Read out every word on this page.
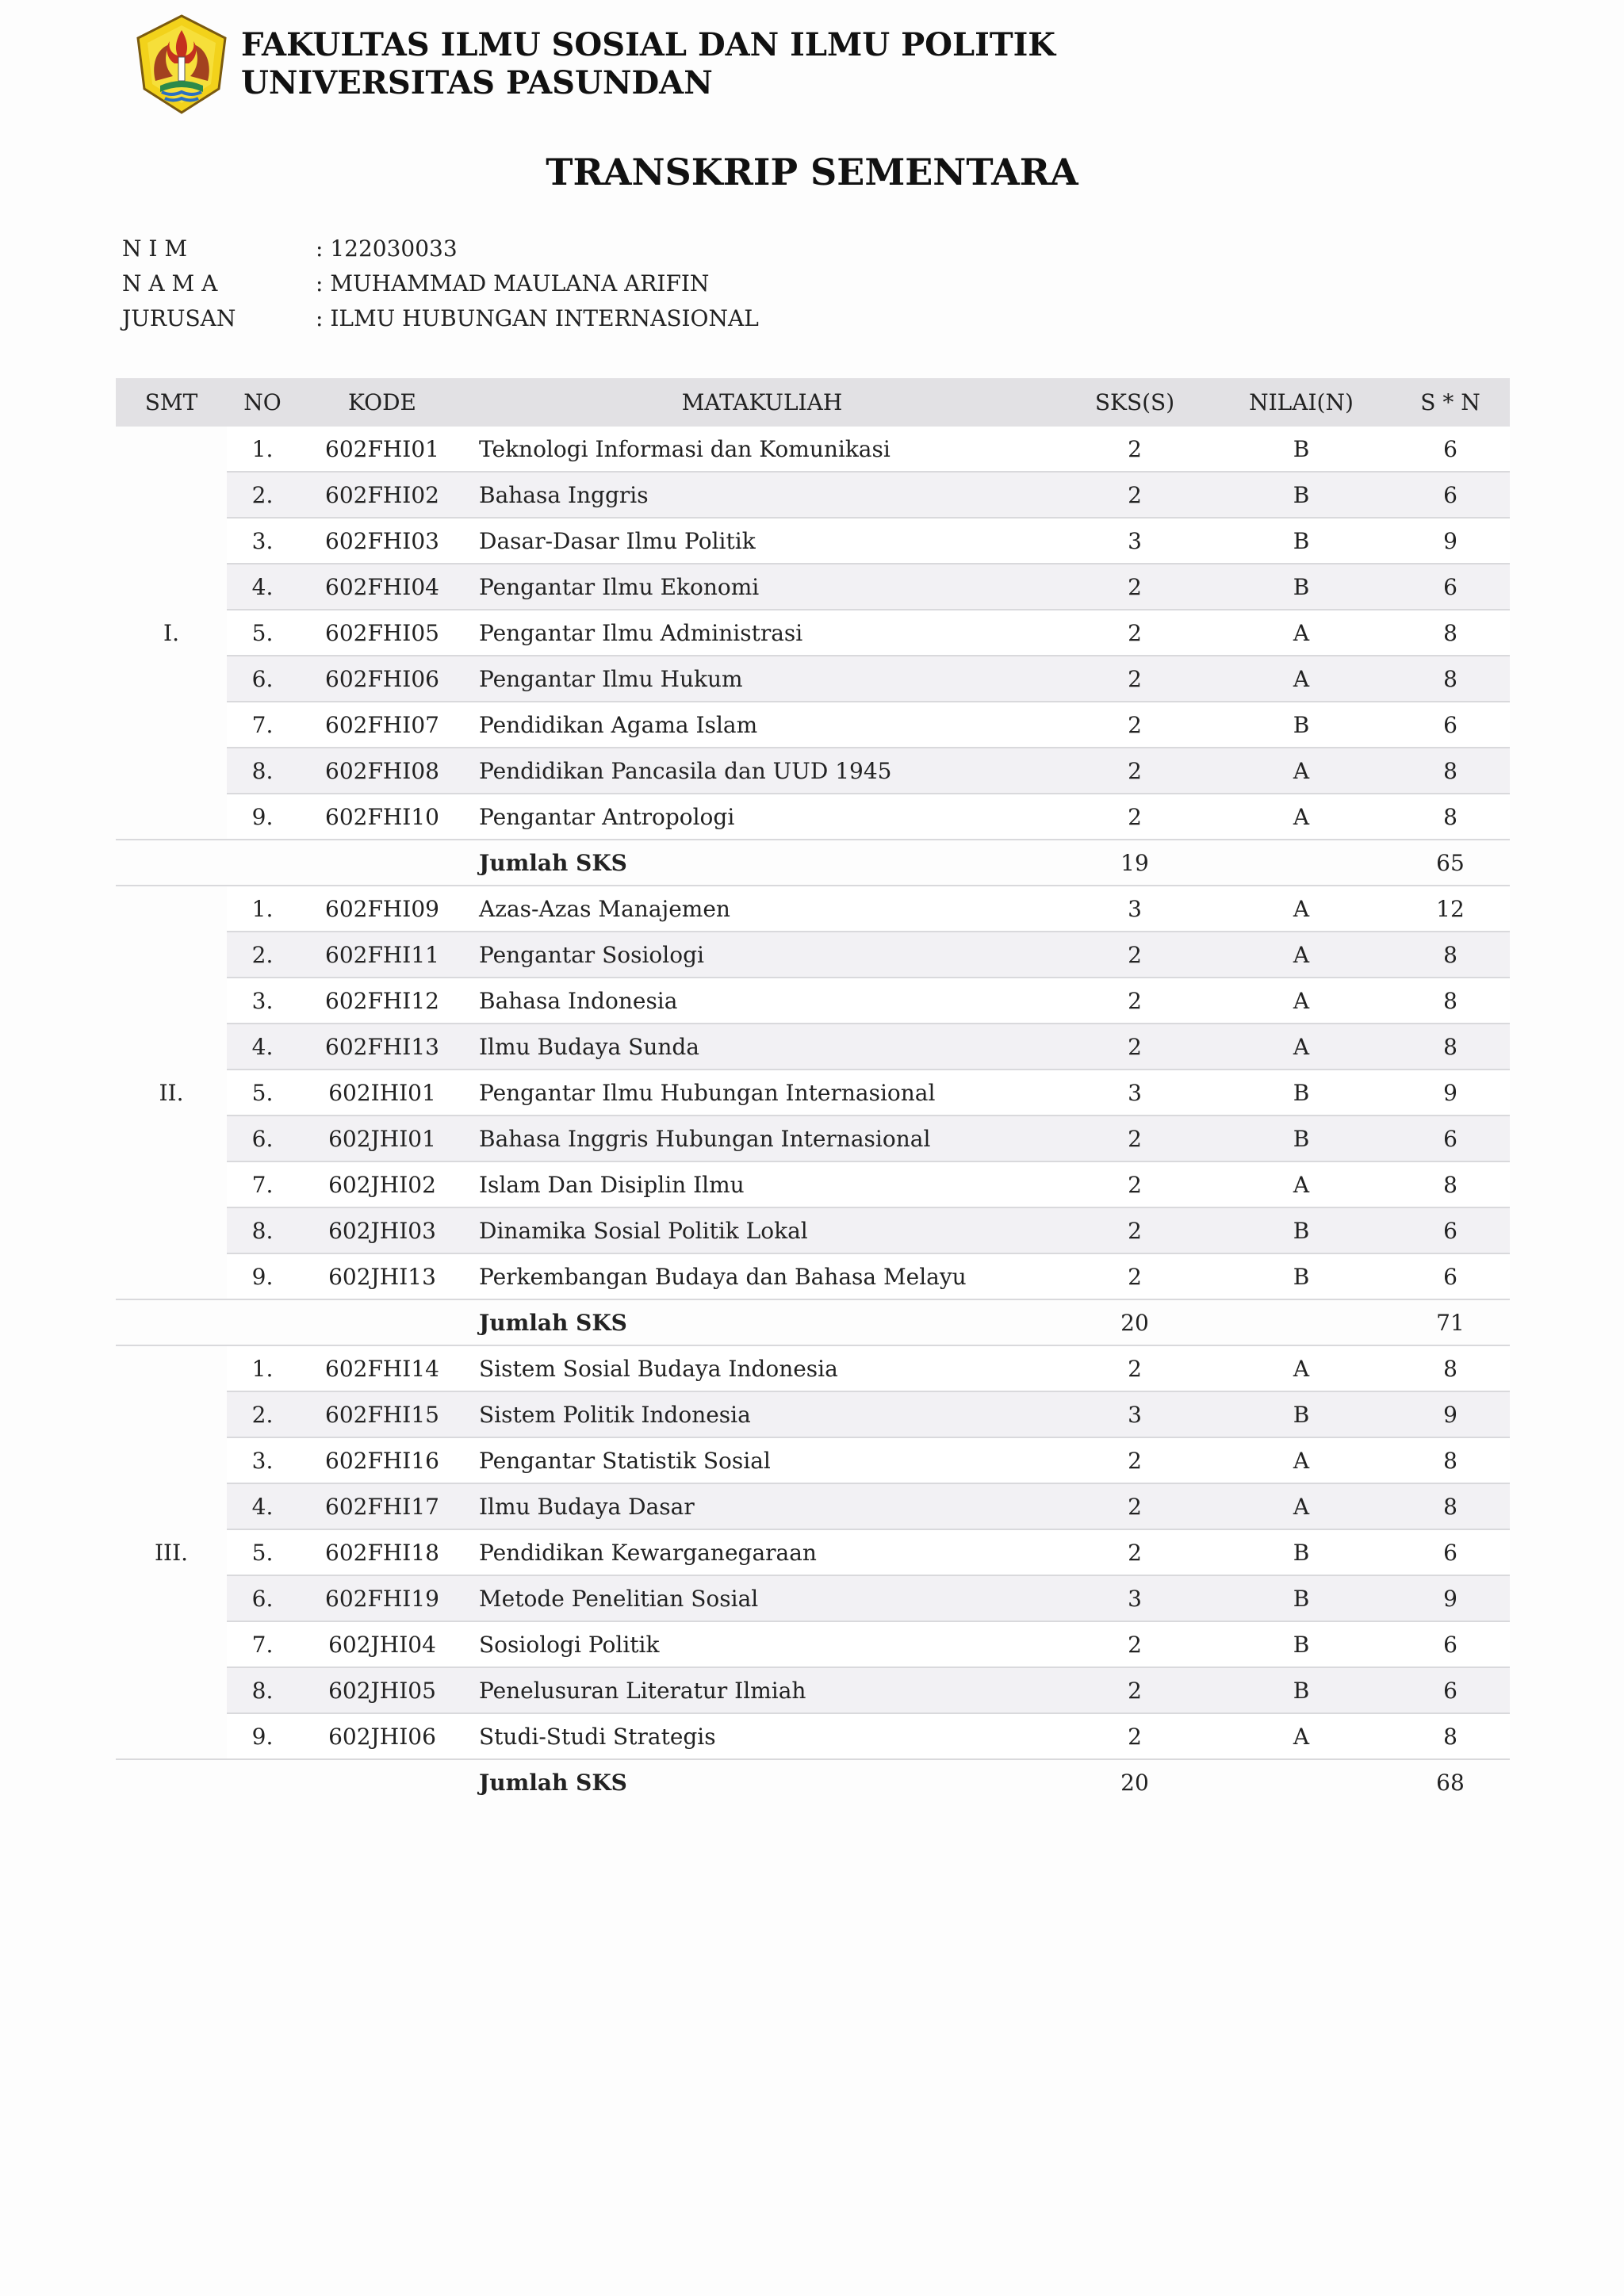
FAKULTAS ILMU SOSIAL DAN ILMU POLITIK
UNIVERSITAS PASUNDAN
TRANSKRIP SEMENTARA
N I M	: 122030033
N A M A	: MUHAMMAD MAULANA ARIFIN
JURUSAN	: ILMU HUBUNGAN INTERNASIONAL
SMT	NO	KODE	MATAKULIAH	SKS(S)	NILAI(N)	S * N
I.	1.	602FHI01	Teknologi Informasi dan Komunikasi	2	B	6
	2.	602FHI02	Bahasa Inggris	2	B	6
	3.	602FHI03	Dasar-Dasar Ilmu Politik	3	B	9
	4.	602FHI04	Pengantar Ilmu Ekonomi	2	B	6
	5.	602FHI05	Pengantar Ilmu Administrasi	2	A	8
	6.	602FHI06	Pengantar Ilmu Hukum	2	A	8
	7.	602FHI07	Pendidikan Agama Islam	2	B	6
	8.	602FHI08	Pendidikan Pancasila dan UUD 1945	2	A	8
	9.	602FHI10	Pengantar Antropologi	2	A	8
			Jumlah SKS	19		65
II.	1.	602FHI09	Azas-Azas Manajemen	3	A	12
	2.	602FHI11	Pengantar Sosiologi	2	A	8
	3.	602FHI12	Bahasa Indonesia	2	A	8
	4.	602FHI13	Ilmu Budaya Sunda	2	A	8
	5.	602IHI01	Pengantar Ilmu Hubungan Internasional	3	B	9
	6.	602JHI01	Bahasa Inggris Hubungan Internasional	2	B	6
	7.	602JHI02	Islam Dan Disiplin Ilmu	2	A	8
	8.	602JHI03	Dinamika Sosial Politik Lokal	2	B	6
	9.	602JHI13	Perkembangan Budaya dan Bahasa Melayu	2	B	6
			Jumlah SKS	20		71
III.	1.	602FHI14	Sistem Sosial Budaya Indonesia	2	A	8
	2.	602FHI15	Sistem Politik Indonesia	3	B	9
	3.	602FHI16	Pengantar Statistik Sosial	2	A	8
	4.	602FHI17	Ilmu Budaya Dasar	2	A	8
	5.	602FHI18	Pendidikan Kewarganegaraan	2	B	6
	6.	602FHI19	Metode Penelitian Sosial	3	B	9
	7.	602JHI04	Sosiologi Politik	2	B	6
	8.	602JHI05	Penelusuran Literatur Ilmiah	2	B	6
	9.	602JHI06	Studi-Studi Strategis	2	A	8
			Jumlah SKS	20		68
